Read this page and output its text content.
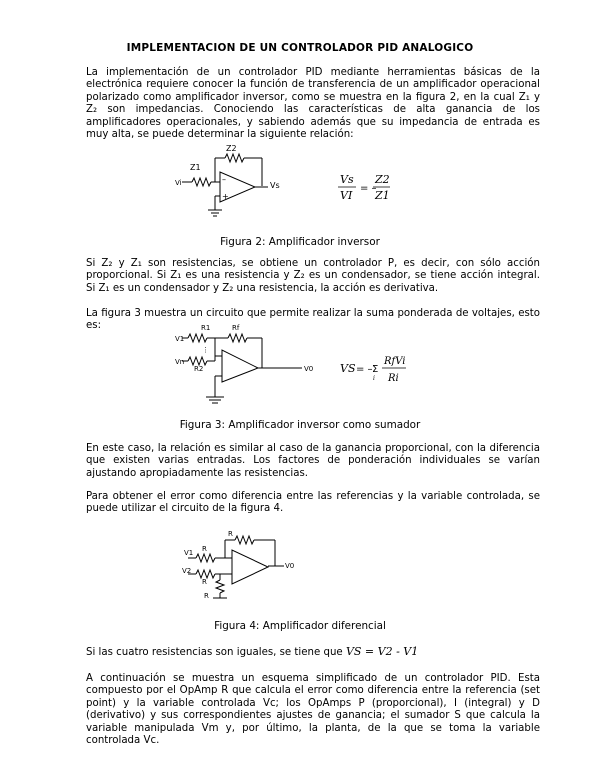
IMPLEMENTACION DE UN CONTROLADOR PID ANALOGICO
La implementación de un controlador PID mediante herramientas básicas de la electrónica requiere conocer la función de transferencia de un amplificador operacional polarizado como amplificador inversor, como se muestra en la figura 2, en la cual Z₁ y Z₂ son impedancias. Conociendo las características de alta ganancia de los amplificadores operacionales, y sabiendo además que su impedancia de entrada es muy alta, se puede determinar la siguiente relación:
Z1
Z2
Vi	Vs
–
+
Vs
VI
= –
Z2
Z1
Figura 2: Amplificador inversor
Si Z₂ y Z₁ son resistencias, se obtiene un controlador P, es decir, con sólo acción proporcional. Si Z₁ es una resistencia y Z₂ es un condensador, se tiene acción integral. Si Z₁ es un condensador y Z₂ una resistencia, la acción es derivativa.
La figura 3 muestra un circuito que permite realizar la suma ponderada de voltajes, esto es:	R1	Rf
V1
⋮
Vn
R2	V0 VS = – Σ
i
RfVi
Ri
Figura 3: Amplificador inversor como sumador
En este caso, la relación es similar al caso de la ganancia proporcional, con la diferencia que existen varias entradas. Los factores de ponderación individuales se varían ajustando apropiadamente las resistencias.
Para obtener el error como diferencia entre las referencias y la variable controlada, se puede utilizar el circuito de la figura 4.
R
R
V1
V2
R
R
V0
Figura 4: Amplificador diferencial
Si las cuatro resistencias son iguales, se tiene que VS = V2 - V1
A continuación se muestra un esquema simplificado de un controlador PID. Esta compuesto por el OpAmp R que calcula el error como diferencia entre la referencia (set point) y la variable controlada Vc; los OpAmps P (proporcional), I (integral) y D (derivativo) y sus correspondientes ajustes de ganancia; el sumador S que calcula la variable manipulada Vm y, por último, la planta, de la que se toma la variable controlada Vc.
